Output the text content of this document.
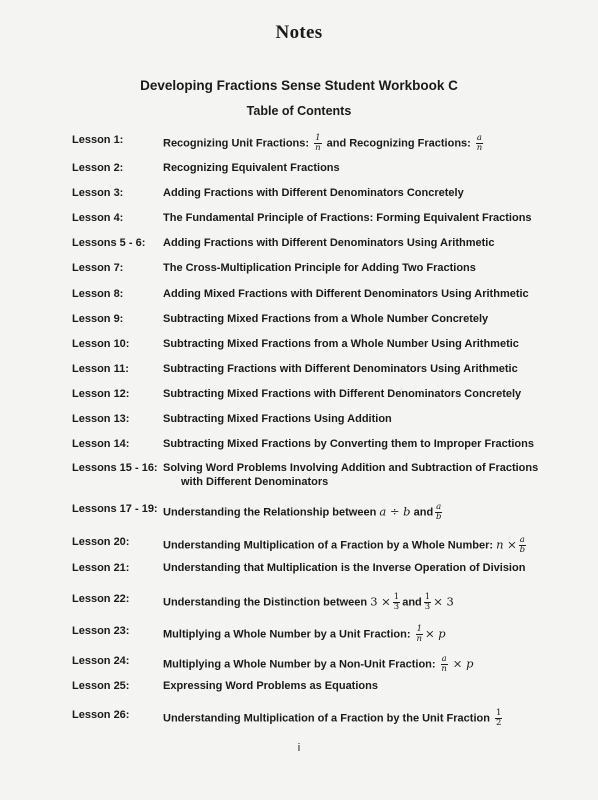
Notes
Developing Fractions Sense Student Workbook C
Table of Contents
Lesson 1:	Recognizing Unit Fractions: $\frac{1}{n}$ and Recognizing Fractions: $\frac{a}{n}$
Lesson 2:	Recognizing Equivalent Fractions
Lesson 3:	Adding Fractions with Different Denominators Concretely
Lesson 4:	The Fundamental Principle of Fractions: Forming Equivalent Fractions
Lessons 5 - 6: Adding Fractions with Different Denominators Using Arithmetic
Lesson 7:	The Cross-Multiplication Principle for Adding Two Fractions
Lesson 8:	Adding Mixed Fractions with Different Denominators Using Arithmetic
Lesson 9:	Subtracting Mixed Fractions from a Whole Number Concretely
Lesson 10:	Subtracting Mixed Fractions from a Whole Number Using Arithmetic
Lesson 11:	Subtracting Fractions with Different Denominators Using Arithmetic
Lesson 12:	Subtracting Mixed Fractions with Different Denominators Concretely
Lesson 13:	Subtracting Mixed Fractions Using Addition
Lesson 14:	Subtracting Mixed Fractions by Converting them to Improper Fractions
Lessons 15 - 16: Solving Word Problems Involving Addition and Subtraction of Fractions
with Different Denominators
Lessons 17 - 19: Understanding the Relationship between a ÷ b and $\frac{a}{b}$
Lesson 20:	Understanding Multiplication of a Fraction by a Whole Number: $n \times \frac{a}{b}$
Lesson 21:	Understanding that Multiplication is the Inverse Operation of Division
Lesson 22:	Understanding the Distinction between $3 \times \frac{1}{3}$ and $\frac{1}{3} \times 3$
Lesson 23:	Multiplying a Whole Number by a Unit Fraction: $\frac{1}{n} \times p$
Lesson 24:	Multiplying a Whole Number by a Non-Unit Fraction: $\frac{a}{n} \times p$
Lesson 25:	Expressing Word Problems as Equations
Lesson 26:	Understanding Multiplication of a Fraction by the Unit Fraction $\frac{1}{2}$
i
